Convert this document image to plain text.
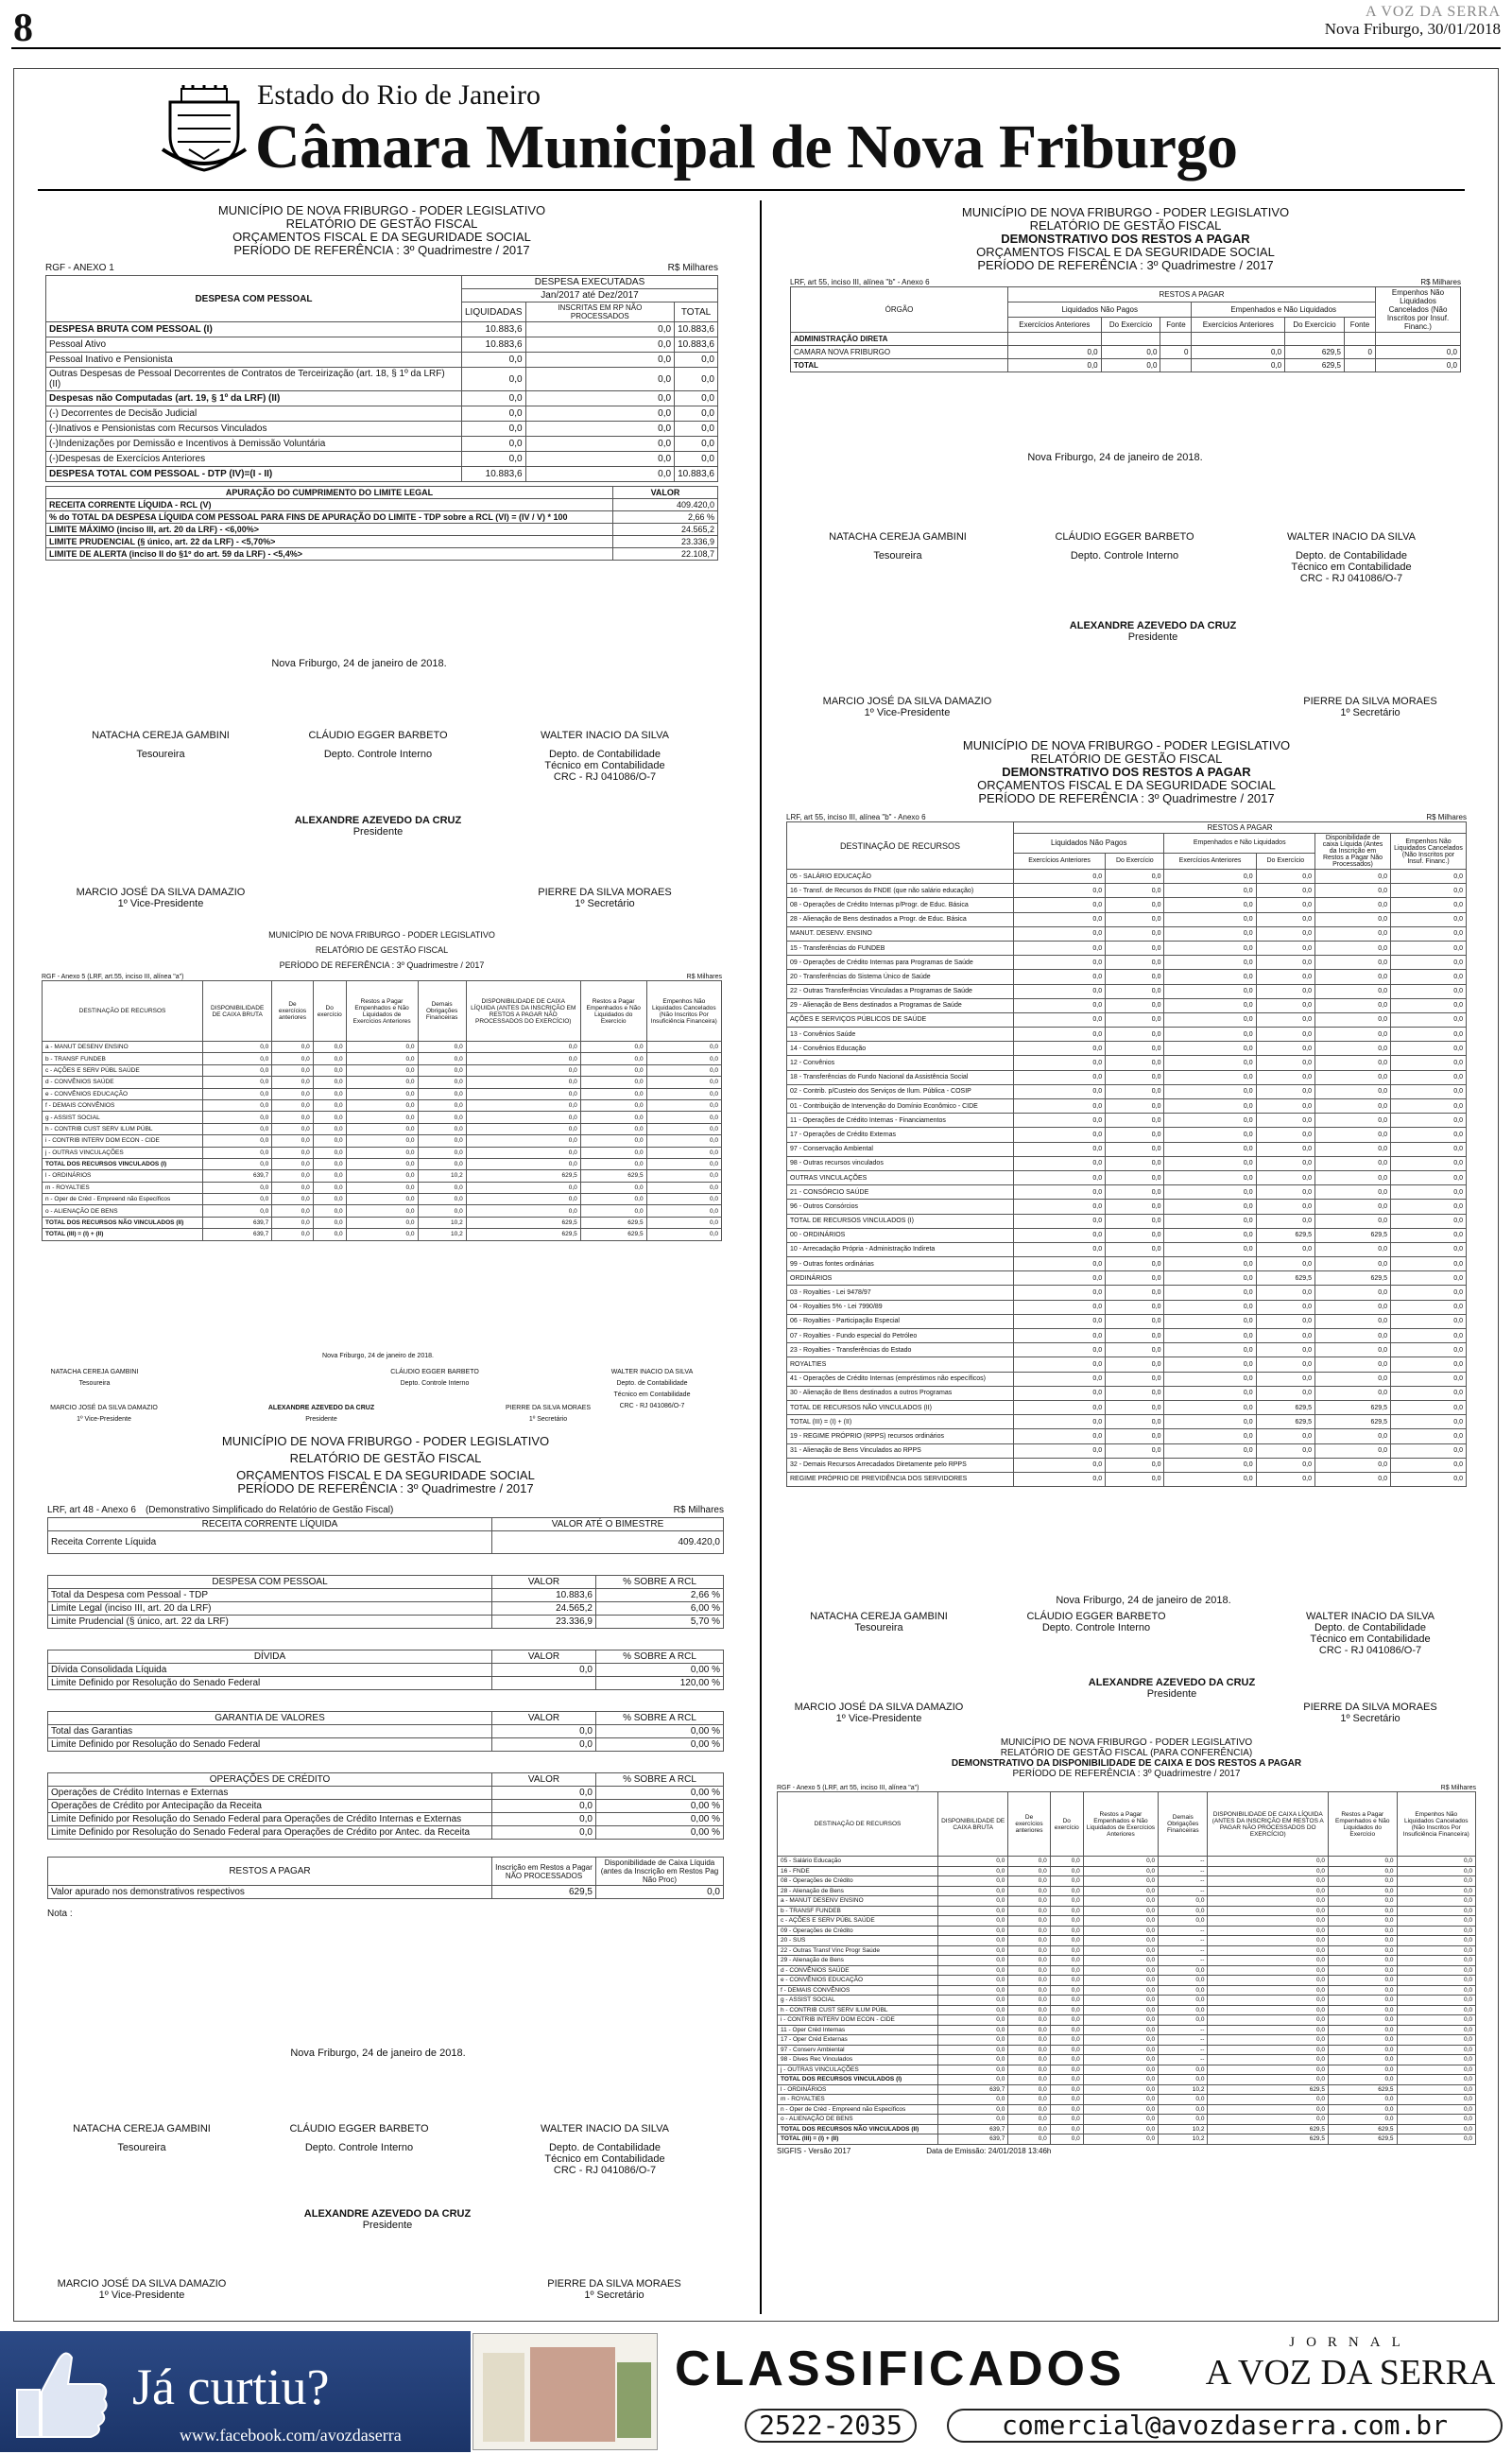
8	A VOZ DA SERRA
Nova Friburgo, 30/01/2018
Estado do Rio de Janeiro
Câmara Municipal de Nova Friburgo
MUNICÍPIO DE NOVA FRIBURGO - PODER LEGISLATIVO
RELATÓRIO DE GESTÃO FISCAL
ORÇAMENTOS FISCAL E DA SEGURIDADE SOCIAL
PERÍODO DE REFERÊNCIA : 3º Quadrimestre / 2017
RGF - ANEXO 1	R$ Milhares
DESPESA COM PESSOAL	DESPESA EXECUTADAS		
	Jan/2017 até Dez/2017		
	LIQUIDADAS	INSCRITAS EM RP NÃO PROCESSADOS	TOTAL
DESPESA BRUTA COM PESSOAL (I)	10.883,6	0,0	10.883,6
Pessoal Ativo	10.883,6	0,0	10.883,6
Pessoal Inativo e Pensionista	0,0	0,0	0,0
Outras Despesas de Pessoal Decorrentes de Contratos de Terceirização (art. 18, § 1º da LRF) (II)	0,0	0,0	0,0
Despesas não Computadas (art. 19, § 1º da LRF) (II)	0,0	0,0	0,0
(-) Decorrentes de Decisão Judicial	0,0	0,0	0,0
(-)Inativos e Pensionistas com Recursos Vinculados	0,0	0,0	0,0
(-)Indenizações por Demissão e Incentivos à Demissão Voluntária	0,0	0,0	0,0
(-)Despesas de Exercícios Anteriores	0,0	0,0	0,0
DESPESA TOTAL COM PESSOAL - DTP (IV)=(I - II)	10.883,6	0,0	10.883,6
APURAÇÃO DO CUMPRIMENTO DO LIMITE LEGAL	VALOR
RECEITA CORRENTE LÍQUIDA - RCL (V)	409.420,0
% do TOTAL DA DESPESA LÍQUIDA COM PESSOAL PARA FINS DE APURAÇÃO DO LIMITE - TDP sobre a RCL (VI) = (IV / V) * 100	2,66 %
LIMITE MÁXIMO (inciso III, art. 20 da LRF) - <6,00%>	24.565,2
LIMITE PRUDENCIAL (§ único, art. 22 da LRF) - <5,70%>	23.336,9
LIMITE DE ALERTA (inciso II do §1º do art. 59 da LRF) - <5,4%>	22.108,7
Nova Friburgo, 24 de janeiro de 2018.
NATACHA CEREJA GAMBINI
Tesoureira
CLÁUDIO EGGER BARBETO
Depto. Controle Interno
WALTER INACIO DA SILVA
Depto. de Contabilidade
Técnico em Contabilidade
CRC - RJ 041086/O-7
ALEXANDRE AZEVEDO DA CRUZ
Presidente
MARCIO JOSÉ DA SILVA DAMAZIO
1º Vice-Presidente
PIERRE DA SILVA MORAES
1º Secretário
MUNICÍPIO DE NOVA FRIBURGO - PODER LEGISLATIVO
RELATÓRIO DE GESTÃO FISCAL
PERÍODO DE REFERÊNCIA : 3º Quadrimestre / 2017
RGF - Anexo 5 (LRF, art.55, inciso III, alínea "a")	R$ Milhares
DESTINAÇÃO DE RECURSOS	DISPONIBILIDADE DE CAIXA BRUTA	De exercícios anteriores	Do exercício	Restos a Pagar Empenhados e Não Liquidados de Exercícios Anteriores	Demais Obrigações Financeiras	DISPONIBILIDADE DE CAIXA LÍQUIDA (ANTES DA INSCRIÇÃO EM RESTOS A PAGAR NÃO PROCESSADOS DO EXERCÍCIO)	Restos a Pagar Empenhados e Não Liquidados do Exercício	Empenhos Não Liquidados Cancelados (Não Inscritos Por Insuficiência Financeira)
a - MANUT DESENV ENSINO	0,0	0,0	0,0	0,0	0,0	0,0	0,0	0,0
b - TRANSF FUNDEB	0,0	0,0	0,0	0,0	0,0	0,0	0,0	0,0
c - AÇÕES E SERV PÚBL SAÚDE	0,0	0,0	0,0	0,0	0,0	0,0	0,0	0,0
d - CONVÊNIOS SAÚDE	0,0	0,0	0,0	0,0	0,0	0,0	0,0	0,0
e - CONVÊNIOS EDUCAÇÃO	0,0	0,0	0,0	0,0	0,0	0,0	0,0	0,0
f - DEMAIS CONVÊNIOS	0,0	0,0	0,0	0,0	0,0	0,0	0,0	0,0
g - ASSIST SOCIAL	0,0	0,0	0,0	0,0	0,0	0,0	0,0	0,0
h - CONTRIB CUST SERV ILUM PÚBL	0,0	0,0	0,0	0,0	0,0	0,0	0,0	0,0
i - CONTRIB INTERV DOM ECON - CIDE	0,0	0,0	0,0	0,0	0,0	0,0	0,0	0,0
j - OUTRAS VINCULAÇÕES	0,0	0,0	0,0	0,0	0,0	0,0	0,0	0,0
TOTAL DOS RECURSOS VINCULADOS (I)	0,0	0,0	0,0	0,0	0,0	0,0	0,0	0,0
l - ORDINÁRIOS	639,7	0,0	0,0	0,0	10,2	629,5	629,5	0,0
m - ROYALTIES	0,0	0,0	0,0	0,0	0,0	0,0	0,0	0,0
n - Oper de Créd - Empreend não Específicos	0,0	0,0	0,0	0,0	0,0	0,0	0,0	0,0
o - ALIENAÇÃO DE BENS	0,0	0,0	0,0	0,0	0,0	0,0	0,0	0,0
TOTAL DOS RECURSOS NÃO VINCULADOS (II)	639,7	0,0	0,0	0,0	10,2	629,5	629,5	0,0
TOTAL (III) = (I) + (II)	639,7	0,0	0,0	0,0	10,2	629,5	629,5	0,0
Nova Friburgo, 24 de janeiro de 2018.
NATACHA CEREJA GAMBINI
Tesoureira
CLÁUDIO EGGER BARBETO
Depto. Controle Interno
WALTER INACIO DA SILVA
Depto. de Contabilidade
Técnico em Contabilidade
CRC - RJ 041086/O-7
MARCIO JOSÉ DA SILVA DAMAZIO
1º Vice-Presidente
ALEXANDRE AZEVEDO DA CRUZ
Presidente
PIERRE DA SILVA MORAES
1º Secretário
MUNICÍPIO DE NOVA FRIBURGO - PODER LEGISLATIVO
RELATÓRIO DE GESTÃO FISCAL
ORÇAMENTOS FISCAL E DA SEGURIDADE SOCIAL
PERÍODO DE REFERÊNCIA : 3º Quadrimestre / 2017
LRF, art 48 - Anexo 6 (Demonstrativo Simplificado do Relatório de Gestão Fiscal)	R$ Milhares
RECEITA CORRENTE LÍQUIDA	VALOR ATÉ O BIMESTRE
Receita Corrente Líquida	409.420,0
DESPESA COM PESSOAL	VALOR	% SOBRE A RCL
Total da Despesa com Pessoal - TDP	10.883,6	2,66 %
Limite Legal (inciso III, art. 20 da LRF)	24.565,2	6,00 %
Limite Prudencial (§ único, art. 22 da LRF)	23.336,9	5,70 %
DÍVIDA	VALOR	% SOBRE A RCL
Dívida Consolidada Líquida	0,0	0,00 %
Limite Definido por Resolução do Senado Federal		120,00 %
GARANTIA DE VALORES	VALOR	% SOBRE A RCL
Total das Garantias	0,0	0,00 %
Limite Definido por Resolução do Senado Federal	0,0	0,00 %
OPERAÇÕES DE CRÉDITO	VALOR	% SOBRE A RCL
Operações de Crédito Internas e Externas	0,0	0,00 %
Operações de Crédito por Antecipação da Receita	0,0	0,00 %
Limite Definido por Resolução do Senado Federal para Operações de Crédito Internas e Externas	0,0	0,00 %
Limite Definido por Resolução do Senado Federal para Operações de Crédito por Antec. da Receita	0,0	0,00 %
RESTOS A PAGAR	Inscrição em Restos a Pagar NÃO PROCESSADOS	Disponibilidade de Caixa Líquida (antes da Inscrição em Restos Pag Não Proc)
Valor apurado nos demonstrativos respectivos	629,5	0,0
Nota :
Nova Friburgo, 24 de janeiro de 2018.
NATACHA CEREJA GAMBINI
Tesoureira
CLÁUDIO EGGER BARBETO
Depto. Controle Interno
WALTER INACIO DA SILVA
Depto. de Contabilidade
Técnico em Contabilidade
CRC - RJ 041086/O-7
ALEXANDRE AZEVEDO DA CRUZ
Presidente
MARCIO JOSÉ DA SILVA DAMAZIO
1º Vice-Presidente
PIERRE DA SILVA MORAES
1º Secretário
MUNICÍPIO DE NOVA FRIBURGO - PODER LEGISLATIVO
RELATÓRIO DE GESTÃO FISCAL
DEMONSTRATIVO DOS RESTOS A PAGAR
ORÇAMENTOS FISCAL E DA SEGURIDADE SOCIAL
PERÍODO DE REFERÊNCIA : 3º Quadrimestre / 2017
LRF, art 55, inciso III, alínea "b" - Anexo 6	R$ Milhares
ÓRGÃO	RESTOS A PAGAR						Empenhos Não Liquidados Cancelados (Não Inscritos por Insuf. Financ.)
	Liquidados Não Pagos			Empenhados e Não Liquidados			
	Exercícios Anteriores	Do Exercício	Fonte	Exercícios Anteriores	Do Exercício	Fonte	
ADMINISTRAÇÃO DIRETA							
CAMARA NOVA FRIBURGO	0,0	0,0	0	0,0	629,5	0	0,0
TOTAL	0,0	0,0		0,0	629,5		0,0
Nova Friburgo, 24 de janeiro de 2018.
NATACHA CEREJA GAMBINI
Tesoureira
CLÁUDIO EGGER BARBETO
Depto. Controle Interno
WALTER INACIO DA SILVA
Depto. de Contabilidade
Técnico em Contabilidade
CRC - RJ 041086/O-7
ALEXANDRE AZEVEDO DA CRUZ
Presidente
MARCIO JOSÉ DA SILVA DAMAZIO
1º Vice-Presidente
PIERRE DA SILVA MORAES
1º Secretário
MUNICÍPIO DE NOVA FRIBURGO - PODER LEGISLATIVO
RELATÓRIO DE GESTÃO FISCAL
DEMONSTRATIVO DOS RESTOS A PAGAR
ORÇAMENTOS FISCAL E DA SEGURIDADE SOCIAL
PERÍODO DE REFERÊNCIA : 3º Quadrimestre / 2017
LRF, art 55, inciso III, alínea "b" - Anexo 6	R$ Milhares
DESTINAÇÃO DE RECURSOS	RESTOS A PAGAR					
	Liquidados Não Pagos		Empenhados e Não Liquidados		Disponibilidade de caixa Líquida (Antes da Inscrição em Restos a Pagar Não Processados)	Empenhos Não Liquidados Cancelados (Não Inscritos por Insuf. Financ.)
	Exercícios Anteriores	Do Exercício	Exercícios Anteriores	Do Exercício		
05 - SALÁRIO EDUCAÇÃO	0,0	0,0	0,0	0,0	0,0	0,0
16 - Transf. de Recursos do FNDE (que não salário educação)	0,0	0,0	0,0	0,0	0,0	0,0
08 - Operações de Crédito Internas p/Progr. de Educ. Básica	0,0	0,0	0,0	0,0	0,0	0,0
28 - Alienação de Bens destinados a Progr. de Educ. Básica	0,0	0,0	0,0	0,0	0,0	0,0
MANUT. DESENV. ENSINO	0,0	0,0	0,0	0,0	0,0	0,0
15 - Transferências do FUNDEB	0,0	0,0	0,0	0,0	0,0	0,0
09 - Operações de Crédito Internas para Programas de Saúde	0,0	0,0	0,0	0,0	0,0	0,0
20 - Transferências do Sistema Único de Saúde	0,0	0,0	0,0	0,0	0,0	0,0
22 - Outras Transferências Vinculadas a Programas de Saúde	0,0	0,0	0,0	0,0	0,0	0,0
29 - Alienação de Bens destinados a Programas de Saúde	0,0	0,0	0,0	0,0	0,0	0,0
AÇÕES E SERVIÇOS PÚBLICOS DE SAÚDE	0,0	0,0	0,0	0,0	0,0	0,0
13 - Convênios Saúde	0,0	0,0	0,0	0,0	0,0	0,0
14 - Convênios Educação	0,0	0,0	0,0	0,0	0,0	0,0
12 - Convênios	0,0	0,0	0,0	0,0	0,0	0,0
18 - Transferências do Fundo Nacional da Assistência Social	0,0	0,0	0,0	0,0	0,0	0,0
02 - Contrib. p/Custeio dos Serviços de Ilum. Pública - COSIP	0,0	0,0	0,0	0,0	0,0	0,0
01 - Contribuição de Intervenção do Domínio Econômico - CIDE	0,0	0,0	0,0	0,0	0,0	0,0
11 - Operações de Crédito Internas - Financiamentos	0,0	0,0	0,0	0,0	0,0	0,0
17 - Operações de Crédito Externas	0,0	0,0	0,0	0,0	0,0	0,0
97 - Conservação Ambiental	0,0	0,0	0,0	0,0	0,0	0,0
98 - Outras recursos vinculados	0,0	0,0	0,0	0,0	0,0	0,0
OUTRAS VINCULAÇÕES	0,0	0,0	0,0	0,0	0,0	0,0
21 - CONSÓRCIO SAÚDE	0,0	0,0	0,0	0,0	0,0	0,0
96 - Outros Consórcios	0,0	0,0	0,0	0,0	0,0	0,0
TOTAL DE RECURSOS VINCULADOS (I)	0,0	0,0	0,0	0,0	0,0	0,0
00 - ORDINÁRIOS	0,0	0,0	0,0	629,5	629,5	0,0
10 - Arrecadação Própria - Administração Indireta	0,0	0,0	0,0	0,0	0,0	0,0
99 - Outras fontes ordinárias	0,0	0,0	0,0	0,0	0,0	0,0
ORDINÁRIOS	0,0	0,0	0,0	629,5	629,5	0,0
03 - Royalties - Lei 9478/97	0,0	0,0	0,0	0,0	0,0	0,0
04 - Royalties 5% - Lei 7990/89	0,0	0,0	0,0	0,0	0,0	0,0
06 - Royalties - Participação Especial	0,0	0,0	0,0	0,0	0,0	0,0
07 - Royalties - Fundo especial do Petróleo	0,0	0,0	0,0	0,0	0,0	0,0
23 - Royalties - Transferências do Estado	0,0	0,0	0,0	0,0	0,0	0,0
ROYALTIES	0,0	0,0	0,0	0,0	0,0	0,0
41 - Operações de Crédito Internas (empréstimos não específicos)	0,0	0,0	0,0	0,0	0,0	0,0
30 - Alienação de Bens destinados a outros Programas	0,0	0,0	0,0	0,0	0,0	0,0
TOTAL DE RECURSOS NÃO VINCULADOS (II)	0,0	0,0	0,0	629,5	629,5	0,0
TOTAL (III) = (I) + (II)	0,0	0,0	0,0	629,5	629,5	0,0
19 - REGIME PRÓPRIO (RPPS) recursos ordinários	0,0	0,0	0,0	0,0	0,0	0,0
31 - Alienação de Bens Vinculados ao RPPS	0,0	0,0	0,0	0,0	0,0	0,0
32 - Demais Recursos Arrecadados Diretamente pelo RPPS	0,0	0,0	0,0	0,0	0,0	0,0
REGIME PRÓPRIO DE PREVIDÊNCIA DOS SERVIDORES	0,0	0,0	0,0	0,0	0,0	0,0
Nova Friburgo, 24 de janeiro de 2018.
NATACHA CEREJA GAMBINI
Tesoureira
CLÁUDIO EGGER BARBETO
Depto. Controle Interno
WALTER INACIO DA SILVA
Depto. de Contabilidade
Técnico em Contabilidade
CRC - RJ 041086/O-7
ALEXANDRE AZEVEDO DA CRUZ
Presidente
MARCIO JOSÉ DA SILVA DAMAZIO
1º Vice-Presidente
PIERRE DA SILVA MORAES
1º Secretário
MUNICÍPIO DE NOVA FRIBURGO - PODER LEGISLATIVO
RELATÓRIO DE GESTÃO FISCAL (PARA CONFERÊNCIA)
DEMONSTRATIVO DA DISPONIBILIDADE DE CAIXA E DOS RESTOS A PAGAR
PERÍODO DE REFERÊNCIA : 3º Quadrimestre / 2017
RGF - Anexo 5 (LRF, art 55, inciso III, alínea "a")	R$ Milhares
DESTINAÇÃO DE RECURSOS	DISPONIBILIDADE DE CAIXA BRUTA	De exercícios anteriores	Do exercício	Restos a Pagar Empenhados e Não Liquidados de Exercícios Anteriores	Demais Obrigações Financeiras	DISPONIBILIDADE DE CAIXA LÍQUIDA (ANTES DA INSCRIÇÃO EM RESTOS A PAGAR NÃO PROCESSADOS DO EXERCÍCIO)	Restos a Pagar Empenhados e Não Liquidados do Exercício	Empenhos Não Liquidados Cancelados (Não Inscritos Por Insuficiência Financeira)
05 - Salário Educação	0,0	0,0	0,0	0,0	--	0,0	0,0	0,0
16 - FNDE	0,0	0,0	0,0	0,0	--	0,0	0,0	0,0
08 - Operações de Crédito	0,0	0,0	0,0	0,0	--	0,0	0,0	0,0
28 - Alienação de Bens	0,0	0,0	0,0	0,0	--	0,0	0,0	0,0
a - MANUT DESENV ENSINO	0,0	0,0	0,0	0,0	0,0	0,0	0,0	0,0
b - TRANSF FUNDEB	0,0	0,0	0,0	0,0	0,0	0,0	0,0	0,0
c - AÇÕES E SERV PÚBL SAÚDE	0,0	0,0	0,0	0,0	0,0	0,0	0,0	0,0
09 - Operações de Crédito	0,0	0,0	0,0	0,0	--	0,0	0,0	0,0
20 - SUS	0,0	0,0	0,0	0,0	--	0,0	0,0	0,0
22 - Outras Transf Vinc Progr Saúde	0,0	0,0	0,0	0,0	--	0,0	0,0	0,0
29 - Alienação de Bens	0,0	0,0	0,0	0,0	--	0,0	0,0	0,0
d - CONVÊNIOS SAÚDE	0,0	0,0	0,0	0,0	0,0	0,0	0,0	0,0
e - CONVÊNIOS EDUCAÇÃO	0,0	0,0	0,0	0,0	0,0	0,0	0,0	0,0
f - DEMAIS CONVÊNIOS	0,0	0,0	0,0	0,0	0,0	0,0	0,0	0,0
g - ASSIST SOCIAL	0,0	0,0	0,0	0,0	0,0	0,0	0,0	0,0
h - CONTRIB CUST SERV ILUM PÚBL	0,0	0,0	0,0	0,0	0,0	0,0	0,0	0,0
i - CONTRIB INTERV DOM ECON - CIDE	0,0	0,0	0,0	0,0	0,0	0,0	0,0	0,0
11 - Oper Créd Internas	0,0	0,0	0,0	0,0	--	0,0	0,0	0,0
17 - Oper Créd Externas	0,0	0,0	0,0	0,0	--	0,0	0,0	0,0
97 - Conserv Ambiental	0,0	0,0	0,0	0,0	--	0,0	0,0	0,0
98 - Dives Rec Vinculados	0,0	0,0	0,0	0,0	--	0,0	0,0	0,0
j - OUTRAS VINCULAÇÕES	0,0	0,0	0,0	0,0	0,0	0,0	0,0	0,0
TOTAL DOS RECURSOS VINCULADOS (I)	0,0	0,0	0,0	0,0	0,0	0,0	0,0	0,0
l - ORDINÁRIOS	639,7	0,0	0,0	0,0	10,2	629,5	629,5	0,0
m - ROYALTIES	0,0	0,0	0,0	0,0	0,0	0,0	0,0	0,0
n - Oper de Créd - Empreend não Específicos	0,0	0,0	0,0	0,0	0,0	0,0	0,0	0,0
o - ALIENAÇÃO DE BENS	0,0	0,0	0,0	0,0	0,0	0,0	0,0	0,0
TOTAL DOS RECURSOS NÃO VINCULADOS (II)	639,7	0,0	0,0	0,0	10,2	629,5	629,5	0,0
TOTAL (III) = (I) + (II)	639,7	0,0	0,0	0,0	10,2	629,5	629,5	0,0
SIGFIS - Versão 2017	Data de Emissão: 24/01/2018 13:46h
Já curtiu?
www.facebook.com/avozdaserra
CLASSIFICADOS	JORNAL
A VOZ DA SERRA
2522-2035	comercial@avozdaserra.com.br
